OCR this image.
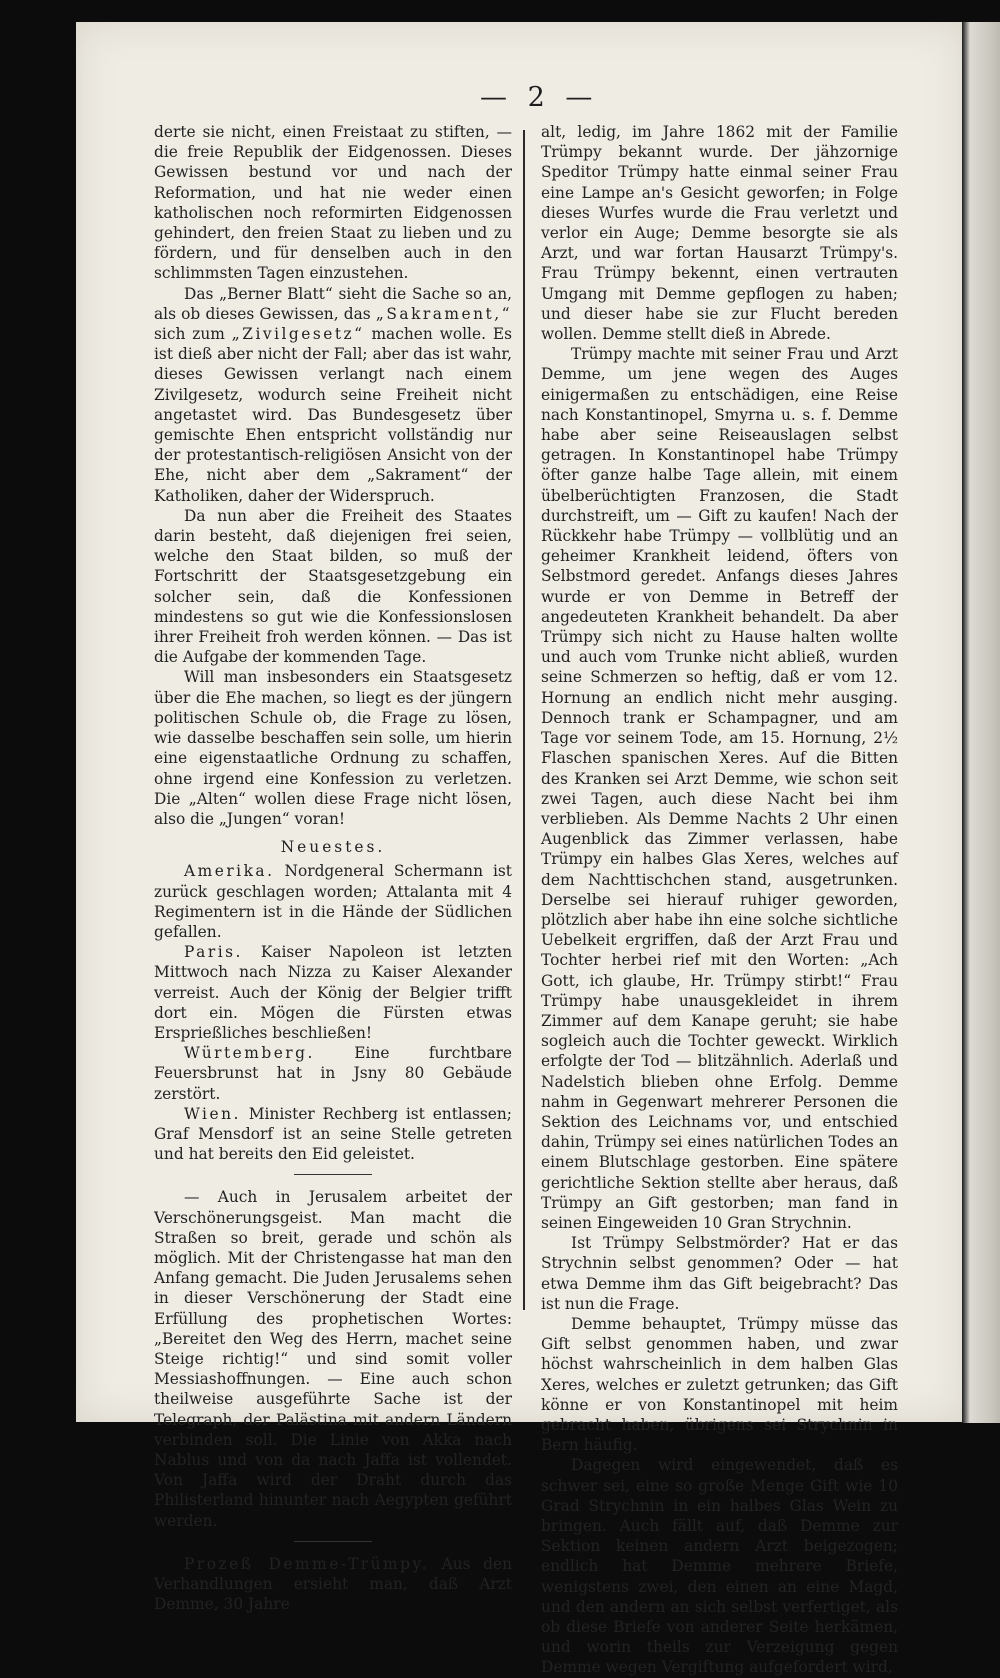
— 2 —

derte sie nicht, einen Freistaat zu stiften, — die freie Republik der Eidgenossen. Dieses Gewissen bestund vor und nach der Reformation, und hat nie weder einen katholischen noch reformirten Eidgenossen gehindert, den freien Staat zu lieben und zu fördern, und für denselben auch in den schlimmsten Tagen einzustehen.

Das „Berner Blatt“ sieht die Sache so an, als ob dieses Gewissen, das „Sakrament,“ sich zum „Zivilgesetz“ machen wolle. Es ist dieß aber nicht der Fall; aber das ist wahr, dieses Gewissen verlangt nach einem Zivilgesetz, wodurch seine Freiheit nicht angetastet wird. Das Bundesgesetz über gemischte Ehen entspricht vollständig nur der protestantisch-religiösen Ansicht von der Ehe, nicht aber dem „Sakrament“ der Katholiken, daher der Widerspruch.

Da nun aber die Freiheit des Staates darin besteht, daß diejenigen frei seien, welche den Staat bilden, so muß der Fortschritt der Staatsgesetzgebung ein solcher sein, daß die Konfessionen mindestens so gut wie die Konfessionslosen ihrer Freiheit froh werden können. — Das ist die Aufgabe der kommenden Tage.

Will man insbesonders ein Staatsgesetz über die Ehe machen, so liegt es der jüngern politischen Schule ob, die Frage zu lösen, wie dasselbe beschaffen sein solle, um hierin eine eigenstaatliche Ordnung zu schaffen, ohne irgend eine Konfession zu verletzen. Die „Alten“ wollen diese Frage nicht lösen, also die „Jungen“ voran!

Neuestes.

Amerika. Nordgeneral Schermann ist zurück geschlagen worden; Attalanta mit 4 Regimentern ist in die Hände der Südlichen gefallen.

Paris. Kaiser Napoleon ist letzten Mittwoch nach Nizza zu Kaiser Alexander verreist. Auch der König der Belgier trifft dort ein. Mögen die Fürsten etwas Ersprießliches beschließen!

Würtemberg. Eine furchtbare Feuersbrunst hat in Jsny 80 Gebäude zerstört.

Wien. Minister Rechberg ist entlassen; Graf Mensdorf ist an seine Stelle getreten und hat bereits den Eid geleistet.

— Auch in Jerusalem arbeitet der Verschönerungsgeist. Man macht die Straßen so breit, gerade und schön als möglich. Mit der Christengasse hat man den Anfang gemacht. Die Juden Jerusalems sehen in dieser Verschönerung der Stadt eine Erfüllung des prophetischen Wortes: „Bereitet den Weg des Herrn, machet seine Steige richtig!“ und sind somit voller Messiashoffnungen. — Eine auch schon theilweise ausgeführte Sache ist der Telegraph, der Palästina mit andern Ländern verbinden soll. Die Linie von Akka nach Nablus und von da nach Jaffa ist vollendet. Von Jaffa wird der Draht durch das Philisterland hinunter nach Aegypten geführt werden.

Prozeß Demme-Trümpy. Aus den Verhandlungen ersieht man, daß Arzt Demme, 30 Jahre

alt, ledig, im Jahre 1862 mit der Familie Trümpy bekannt wurde. Der jähzornige Speditor Trümpy hatte einmal seiner Frau eine Lampe an's Gesicht geworfen; in Folge dieses Wurfes wurde die Frau verletzt und verlor ein Auge; Demme besorgte sie als Arzt, und war fortan Hausarzt Trümpy's. Frau Trümpy bekennt, einen vertrauten Umgang mit Demme gepflogen zu haben; und dieser habe sie zur Flucht bereden wollen. Demme stellt dieß in Abrede.

Trümpy machte mit seiner Frau und Arzt Demme, um jene wegen des Auges einigermaßen zu entschädigen, eine Reise nach Konstantinopel, Smyrna u. s. f. Demme habe aber seine Reiseauslagen selbst getragen. In Konstantinopel habe Trümpy öfter ganze halbe Tage allein, mit einem übelberüchtigten Franzosen, die Stadt durchstreift, um — Gift zu kaufen! Nach der Rückkehr habe Trümpy — vollblütig und an geheimer Krankheit leidend, öfters von Selbstmord geredet. Anfangs dieses Jahres wurde er von Demme in Betreff der angedeuteten Krankheit behandelt. Da aber Trümpy sich nicht zu Hause halten wollte und auch vom Trunke nicht abließ, wurden seine Schmerzen so heftig, daß er vom 12. Hornung an endlich nicht mehr ausging. Dennoch trank er Schampagner, und am Tage vor seinem Tode, am 15. Hornung, 2½ Flaschen spanischen Xeres. Auf die Bitten des Kranken sei Arzt Demme, wie schon seit zwei Tagen, auch diese Nacht bei ihm verblieben. Als Demme Nachts 2 Uhr einen Augenblick das Zimmer verlassen, habe Trümpy ein halbes Glas Xeres, welches auf dem Nachttischchen stand, ausgetrunken. Derselbe sei hierauf ruhiger geworden, plötzlich aber habe ihn eine solche sichtliche Uebelkeit ergriffen, daß der Arzt Frau und Tochter herbei rief mit den Worten: „Ach Gott, ich glaube, Hr. Trümpy stirbt!“ Frau Trümpy habe unausgekleidet in ihrem Zimmer auf dem Kanape geruht; sie habe sogleich auch die Tochter geweckt. Wirklich erfolgte der Tod — blitzähnlich. Aderlaß und Nadelstich blieben ohne Erfolg. Demme nahm in Gegenwart mehrerer Personen die Sektion des Leichnams vor, und entschied dahin, Trümpy sei eines natürlichen Todes an einem Blutschlage gestorben. Eine spätere gerichtliche Sektion stellte aber heraus, daß Trümpy an Gift gestorben; man fand in seinen Eingeweiden 10 Gran Strychnin.

Ist Trümpy Selbstmörder? Hat er das Strychnin selbst genommen? Oder — hat etwa Demme ihm das Gift beigebracht? Das ist nun die Frage.

Demme behauptet, Trümpy müsse das Gift selbst genommen haben, und zwar höchst wahrscheinlich in dem halben Glas Xeres, welches er zuletzt getrunken; das Gift könne er von Konstantinopel mit heim gebracht haben, übrigens sei Strychnin in Bern häufig.

Dagegen wird eingewendet, daß es schwer sei, eine so große Menge Gift wie 10 Grad Strychnin in ein halbes Glas Wein zu bringen. Auch fällt auf, daß Demme zur Sektion keinen andern Arzt beigezogen; endlich hat Demme mehrere Briefe, wenigstens zwei, den einen an eine Magd, und den andern an sich selbst verfertiget, als ob diese Briefe von anderer Seite herkämen, und worin theils zur Verzeigung gegen Demme wegen Vergiftung aufgefordert wird,
